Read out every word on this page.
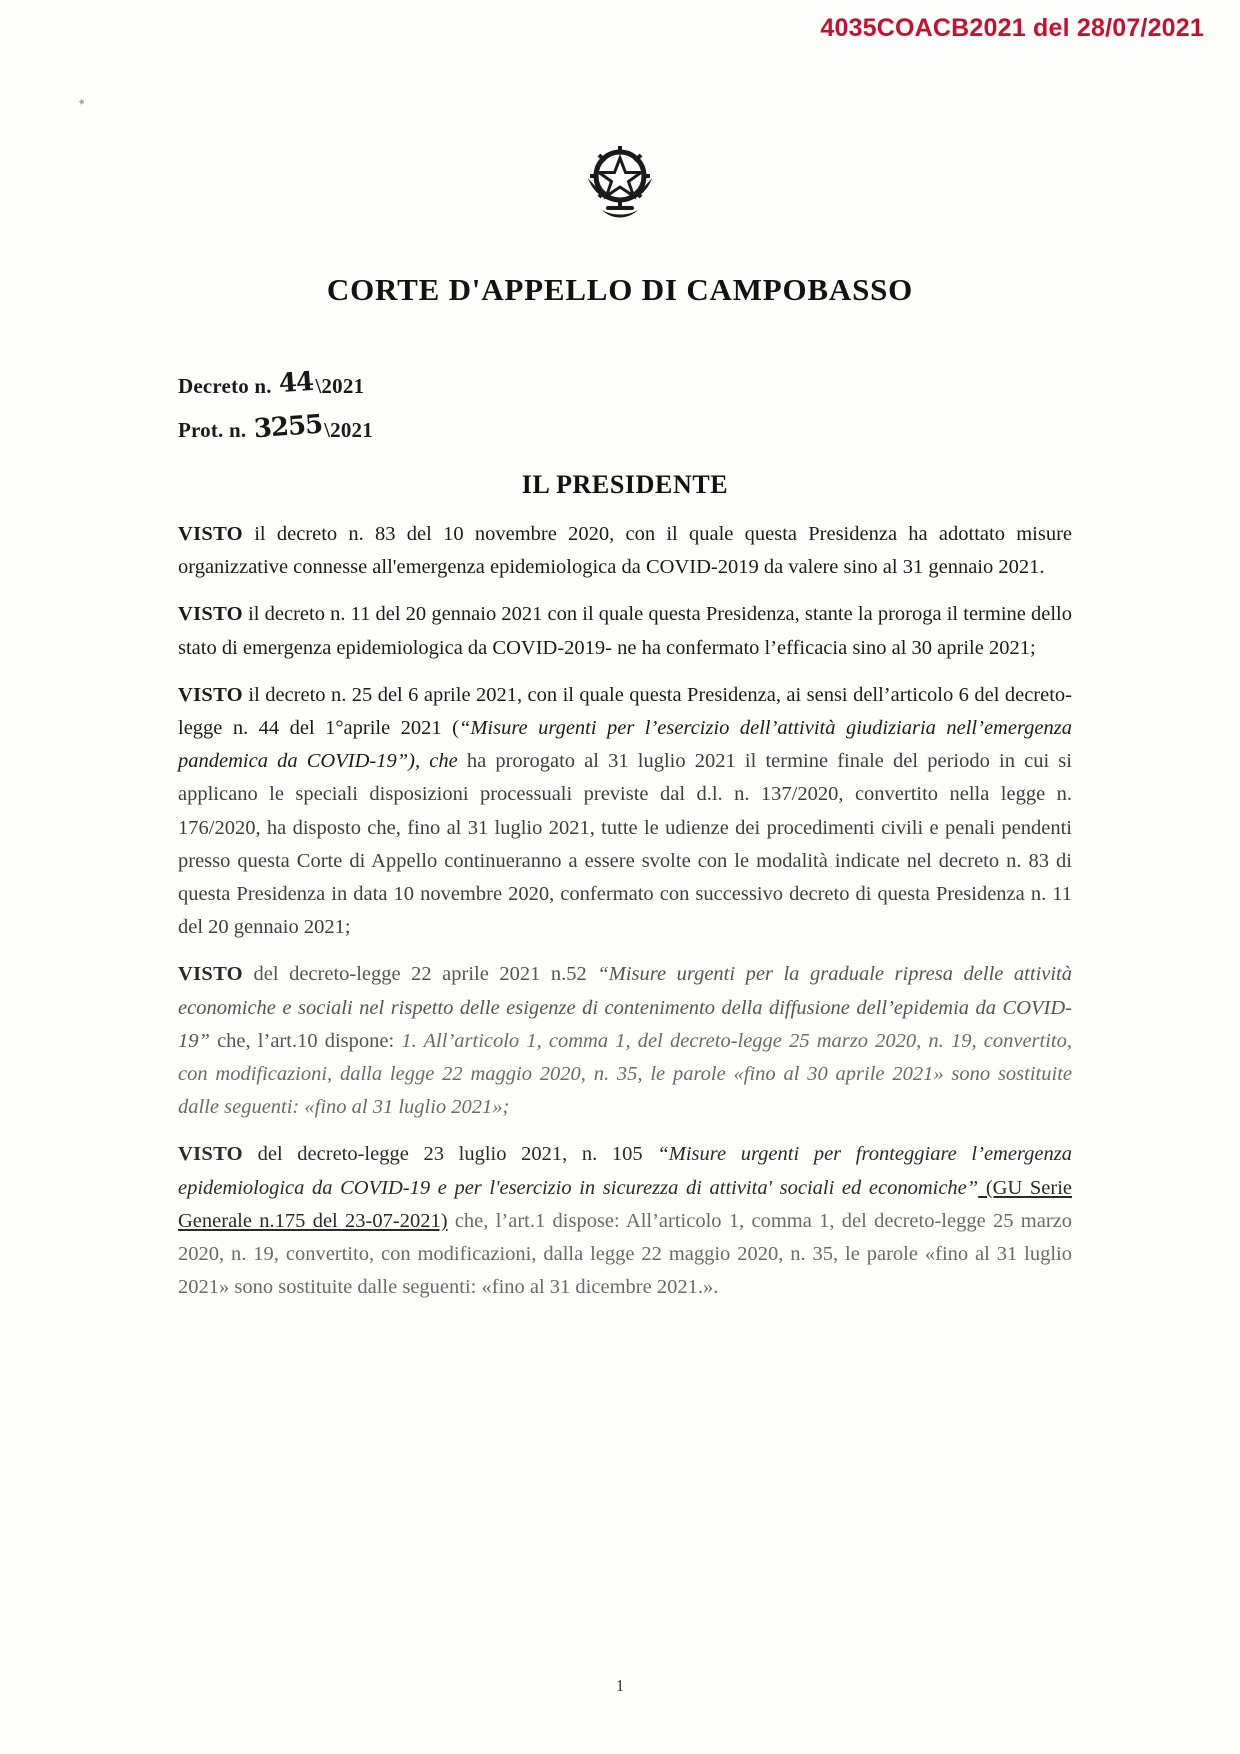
4035COACB2021 del 28/07/2021
٭
CORTE D'APPELLO DI CAMPOBASSO
Decreto n. 44\2021
Prot. n. 3255\2021
IL PRESIDENTE

VISTO il decreto n. 83 del 10 novembre 2020, con il quale questa Presidenza ha adottato misure organizzative connesse all'emergenza epidemiologica da COVID-2019 da valere sino al 31 gennaio 2021.

VISTO il decreto n. 11 del 20 gennaio 2021 con il quale questa Presidenza, stante la proroga il termine dello stato di emergenza epidemiologica da COVID-2019- ne ha confermato l’efficacia sino al 30 aprile 2021;

VISTO il decreto n. 25 del 6 aprile 2021, con il quale questa Presidenza, ai sensi dell’articolo 6 del decreto-legge n. 44 del 1°aprile 2021 (“Misure urgenti per l’esercizio dell’attività giudiziaria nell’emergenza pandemica da COVID-19”), che ha prorogato al 31 luglio 2021 il termine finale del periodo in cui si applicano le speciali disposizioni processuali previste dal d.l. n. 137/2020, convertito nella legge n. 176/2020, ha disposto che, fino al 31 luglio 2021, tutte le udienze dei procedimenti civili e penali pendenti presso questa Corte di Appello continueranno a essere svolte con le modalità indicate nel decreto n. 83 di questa Presidenza in data 10 novembre 2020, confermato con successivo decreto di questa Presidenza n. 11 del 20 gennaio 2021;

VISTO del decreto-legge 22 aprile 2021 n.52 “Misure urgenti per la graduale ripresa delle attività economiche e sociali nel rispetto delle esigenze di contenimento della diffusione dell’epidemia da COVID-19” che, l’art.10 dispone: 1. All’articolo 1, comma 1, del decreto-legge 25 marzo 2020, n. 19, convertito, con modificazioni, dalla legge 22 maggio 2020, n. 35, le parole «fino al 30 aprile 2021» sono sostituite dalle seguenti: «fino al 31 luglio 2021»;

VISTO del decreto-legge 23 luglio 2021, n. 105 “Misure urgenti per fronteggiare l’emergenza epidemiologica da COVID-19 e per l'esercizio in sicurezza di attivita' sociali ed economiche” (GU Serie Generale n.175 del 23-07-2021) che, l’art.1 dispose: All’articolo 1, comma 1, del decreto-legge 25 marzo 2020, n. 19, convertito, con modificazioni, dalla legge 22 maggio 2020, n. 35, le parole «fino al 31 luglio 2021» sono sostituite dalle seguenti: «fino al 31 dicembre 2021.».

1
